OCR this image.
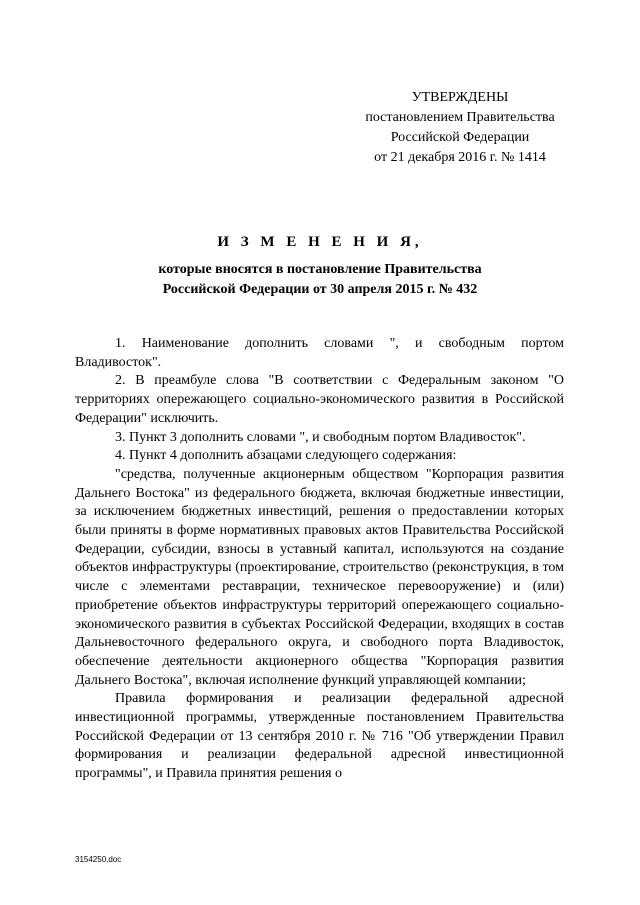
УТВЕРЖДЕНЫ
постановлением Правительства
Российской Федерации
от 21 декабря 2016 г. № 1414
И З М Е Н Е Н И Я,
которые вносятся в постановление Правительства
Российской Федерации от 30 апреля 2015 г. № 432

1. Наименование дополнить словами ", и свободным портом Владивосток".

2. В преамбуле слова "В соответствии с Федеральным законом "О территориях опережающего социально-экономического развития в Российской Федерации" исключить.

3. Пункт 3 дополнить словами ", и свободным портом Владивосток".

4. Пункт 4 дополнить абзацами следующего содержания:

"средства, полученные акционерным обществом "Корпорация развития Дальнего Востока" из федерального бюджета, включая бюджетные инвестиции, за исключением бюджетных инвестиций, решения о предоставлении которых были приняты в форме нормативных правовых актов Правительства Российской Федерации, субсидии, взносы в уставный капитал, используются на создание объектов инфраструктуры (проектирование, строительство (реконструкция, в том числе с элементами реставрации, техническое перевооружение) и (или) приобретение объектов инфраструктуры территорий опережающего социально-экономического развития в субъектах Российской Федерации, входящих в состав Дальневосточного федерального округа, и свободного порта Владивосток, обеспечение деятельности акционерного общества "Корпорация развития Дальнего Востока", включая исполнение функций управляющей компании;

Правила формирования и реализации федеральной адресной инвестиционной программы, утвержденные постановлением Правительства Российской Федерации от 13 сентября 2010 г. № 716 "Об утверждении Правил формирования и реализации федеральной адресной инвестиционной программы", и Правила принятия решения о

3154250.doc
